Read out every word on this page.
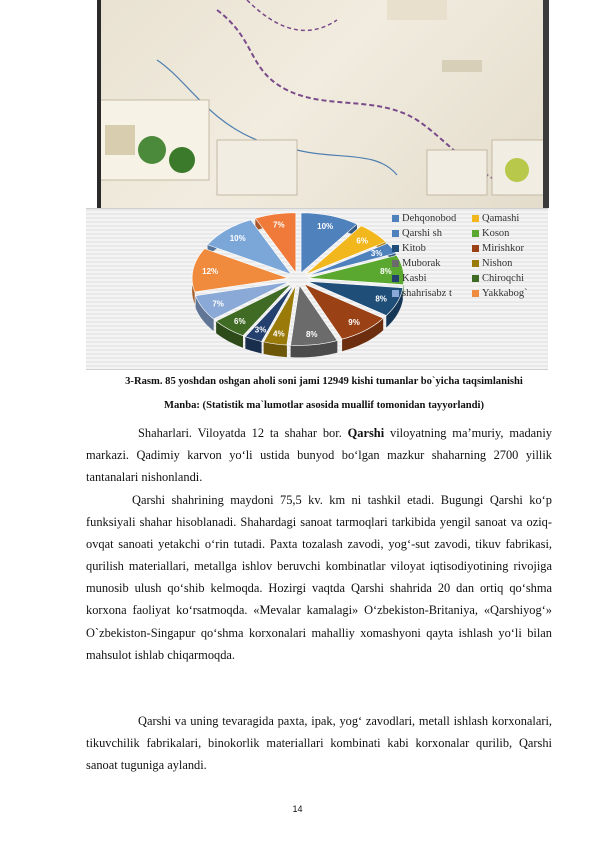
10%
6%
3%
8%
8%
9%
8%
4%
3%
6%
7%
12%
10%
7%
Dehqonobod Qamashi
Qarshi sh	Koson
Kitob	Mirishkor
Muborak	Nishon
Kasbi	Chiroqchi
shahrisabz t	Yakkabog`
3-Rasm. 85 yoshdan oshgan aholi soni jami 12949 kishi tumanlar bo`yicha taqsimlanishi
Manba: (Statistik ma`lumotlar asosida muallif tomonidan tayyorlandi)

Shaharlari. Viloyatda 12 ta shahar bor. Qarshi viloyatning ma’muriy, madaniy markazi. Qadimiy karvon yo‘li ustida bunyod bo‘lgan mazkur shaharning 2700 yillik tantanalari nishonlandi.

Qarshi shahrining maydoni 75,5 kv. km ni tashkil etadi. Bugungi Qarshi ko‘p funksiyali shahar hisoblanadi. Shahardagi sanoat tarmoqlari tarkibida yengil sanoat va oziq-ovqat sanoati yetakchi o‘rin tutadi. Paxta tozalash zavodi, yog‘-sut zavodi, tikuv fabrikasi, qurilish materiallari, metallga ishlov beruvchi kombinatlar viloyat iqtisodiyotining rivojiga munosib ulush qo‘shib kelmoqda. Hozirgi vaqtda Qarshi shahrida 20 dan ortiq qo‘shma korxona faoliyat ko‘rsatmoqda. «Mevalar kamalagi» O‘zbekiston-Britaniya, «Qarshiyog‘» O`zbekiston-Singapur qo‘shma korxonalari mahalliy xomashyoni qayta ishlash yo‘li bilan mahsulot ishlab chiqarmoqda.

Qarshi va uning tevaragida paxta, ipak, yog‘ zavodlari, metall ishlash korxonalari, tikuvchilik fabrikalari, binokorlik materiallari kombinati kabi korxonalar qurilib, Qarshi sanoat tuguniga aylandi.

14
